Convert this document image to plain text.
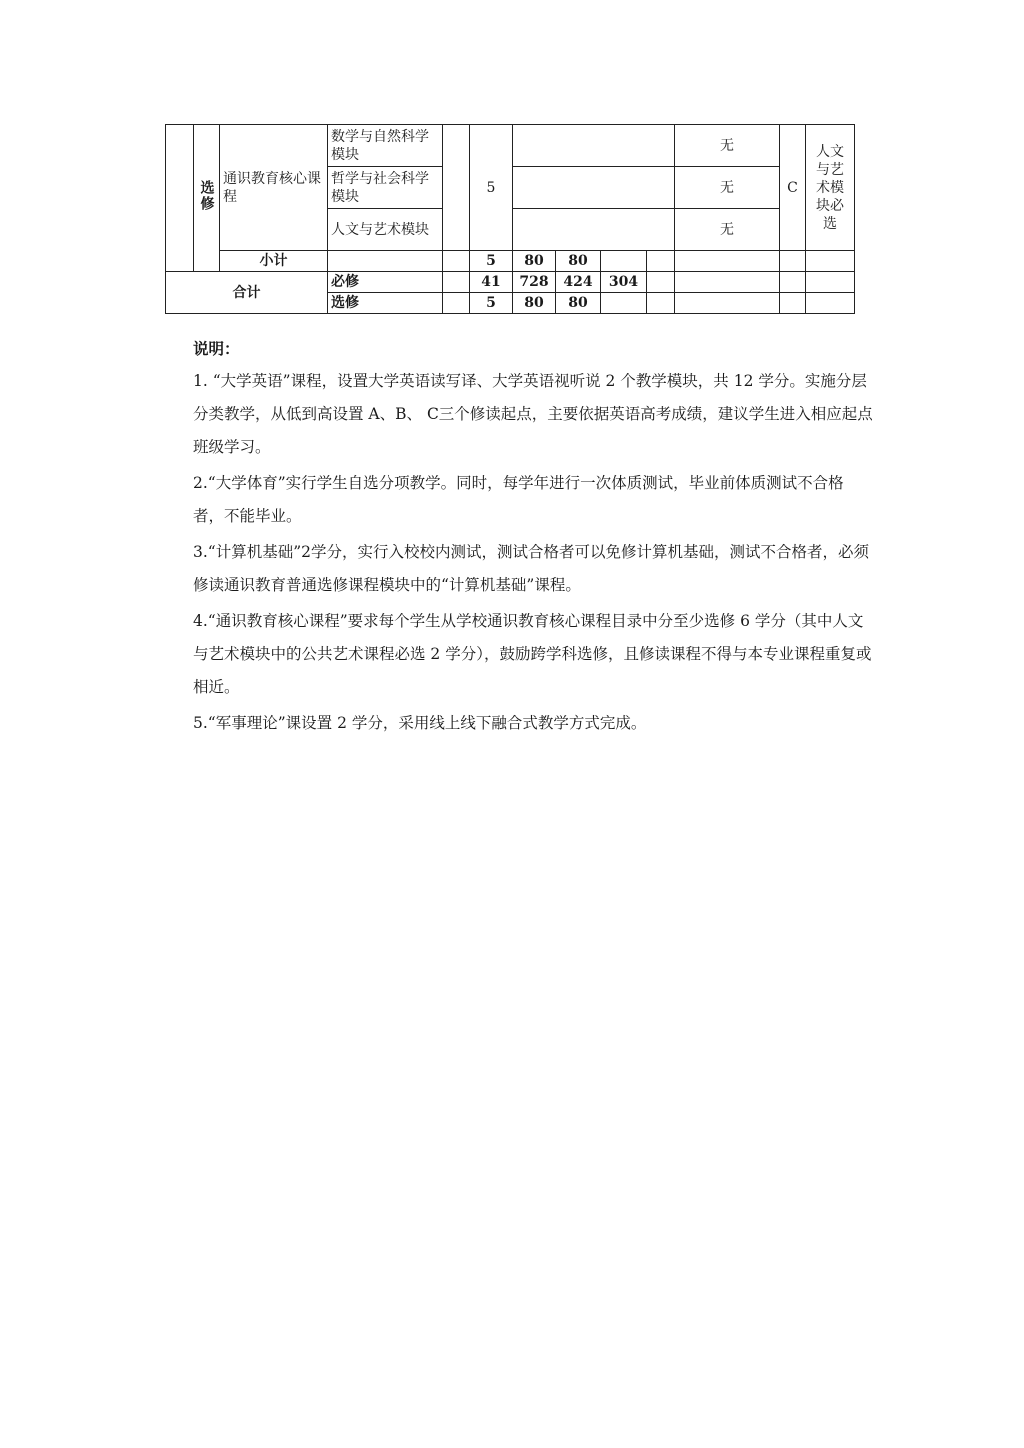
	选修	通识教育核心课程	数学与自然科学模块		5					无	C	人文与艺术模块必选
			哲学与社会科学模块							无		
			人文与艺术模块							无		
		小计			5	80	80					
合计			必修		41	728	424	304				
			选修		5	80	80					
说明：

1. “大学英语”课程，设置大学英语读写译、大学英语视听说 2 个教学模块，共 12 学分。实施分层分类教学，从低到高设置 A、B、 C三个修读起点，主要依据英语高考成绩，建议学生进入相应起点班级学习。

2.“大学体育”实行学生自选分项教学。同时，每学年进行一次体质测试，毕业前体质测试不合格者，不能毕业。

3.“计算机基础”2学分，实行入校校内测试，测试合格者可以免修计算机基础，测试不合格者，必须修读通识教育普通选修课程模块中的“计算机基础”课程。

4.“通识教育核心课程”要求每个学生从学校通识教育核心课程目录中分至少选修 6 学分（其中人文与艺术模块中的公共艺术课程必选 2 学分），鼓励跨学科选修，且修读课程不得与本专业课程重复或相近。

5.“军事理论”课设置 2 学分，采用线上线下融合式教学方式完成。
